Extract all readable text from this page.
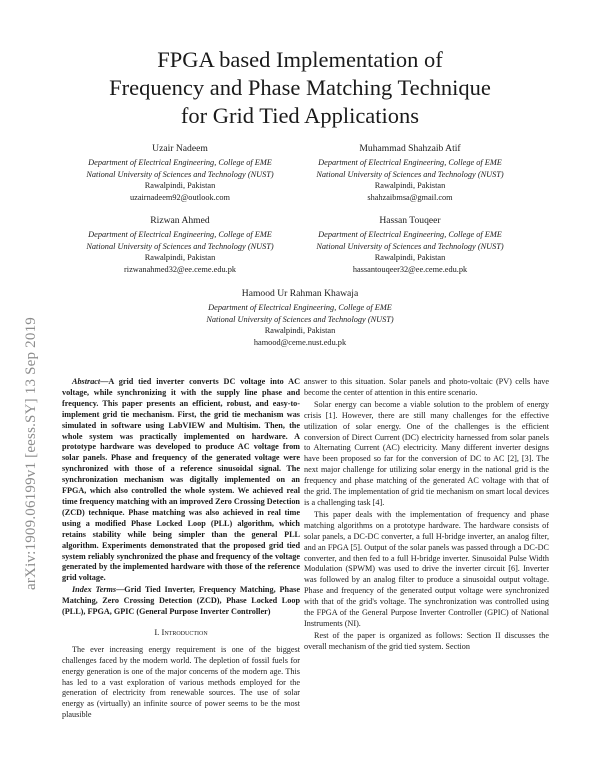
arXiv:1909.06199v1 [eess.SY] 13 Sep 2019
FPGA based Implementation of
Frequency and Phase Matching Technique
for Grid Tied Applications
Uzair Nadeem
Department of Electrical Engineering, College of EME
National University of Sciences and Technology (NUST)
Rawalpindi, Pakistan
uzairnadeem92@outlook.com
Muhammad Shahzaib Atif
Department of Electrical Engineering, College of EME
National University of Sciences and Technology (NUST)
Rawalpindi, Pakistan
shahzaibmsa@gmail.com
Rizwan Ahmed
Department of Electrical Engineering, College of EME
National University of Sciences and Technology (NUST)
Rawalpindi, Pakistan
rizwanahmed32@ee.ceme.edu.pk
Hassan Touqeer
Department of Electrical Engineering, College of EME
National University of Sciences and Technology (NUST)
Rawalpindi, Pakistan
hassantouqeer32@ee.ceme.edu.pk
Hamood Ur Rahman Khawaja
Department of Electrical Engineering, College of EME
National University of Sciences and Technology (NUST)
Rawalpindi, Pakistan
hamood@ceme.nust.edu.pk
Abstract—A grid tied inverter converts DC voltage into AC voltage, while synchronizing it with the supply line phase and frequency. This paper presents an efficient, robust, and easy-to-implement grid tie mechanism. First, the grid tie mechanism was simulated in software using LabVIEW and Multisim. Then, the whole system was practically implemented on hardware. A prototype hardware was developed to produce AC voltage from solar panels. Phase and frequency of the generated voltage were synchronized with those of a reference sinusoidal signal. The synchronization mechanism was digitally implemented on an FPGA, which also controlled the whole system. We achieved real time frequency matching with an improved Zero Crossing Detection (ZCD) technique. Phase matching was also achieved in real time using a modified Phase Locked Loop (PLL) algorithm, which retains stability while being simpler than the general PLL algorithm. Experiments demonstrated that the proposed grid tied system reliably synchronized the phase and frequency of the voltage generated by the implemented hardware with those of the reference grid voltage.
Index Terms—Grid Tied Inverter, Frequency Matching, Phase Matching, Zero Crossing Detection (ZCD), Phase Locked Loop (PLL), FPGA, GPIC (General Purpose Inverter Controller)
I. Introduction
The ever increasing energy requirement is one of the biggest challenges faced by the modern world. The depletion of fossil fuels for energy generation is one of the major concerns of the modern age. This has led to a vast exploration of various methods employed for the generation of electricity from renewable sources. The use of solar energy as (virtually) an infinite source of power seems to be the most plausible
answer to this situation. Solar panels and photo-voltaic (PV) cells have become the center of attention in this entire scenario.
Solar energy can become a viable solution to the problem of energy crisis [1]. However, there are still many challenges for the effective utilization of solar energy. One of the challenges is the efficient conversion of Direct Current (DC) electricity harnessed from solar panels to Alternating Current (AC) electricity. Many different inverter designs have been proposed so far for the conversion of DC to AC [2], [3]. The next major challenge for utilizing solar energy in the national grid is the frequency and phase matching of the generated AC voltage with that of the grid. The implementation of grid tie mechanism on smart local devices is a challenging task [4].
This paper deals with the implementation of frequency and phase matching algorithms on a prototype hardware. The hardware consists of solar panels, a DC-DC converter, a full H-bridge inverter, an analog filter, and an FPGA [5]. Output of the solar panels was passed through a DC-DC converter, and then fed to a full H-bridge inverter. Sinusoidal Pulse Width Modulation (SPWM) was used to drive the inverter circuit [6]. Inverter was followed by an analog filter to produce a sinusoidal output voltage. Phase and frequency of the generated output voltage were synchronized with that of the grid's voltage. The synchronization was controlled using the FPGA of the General Purpose Inverter Controller (GPIC) of National Instruments (NI).
Rest of the paper is organized as follows: Section II discusses the overall mechanism of the grid tied system. Section
